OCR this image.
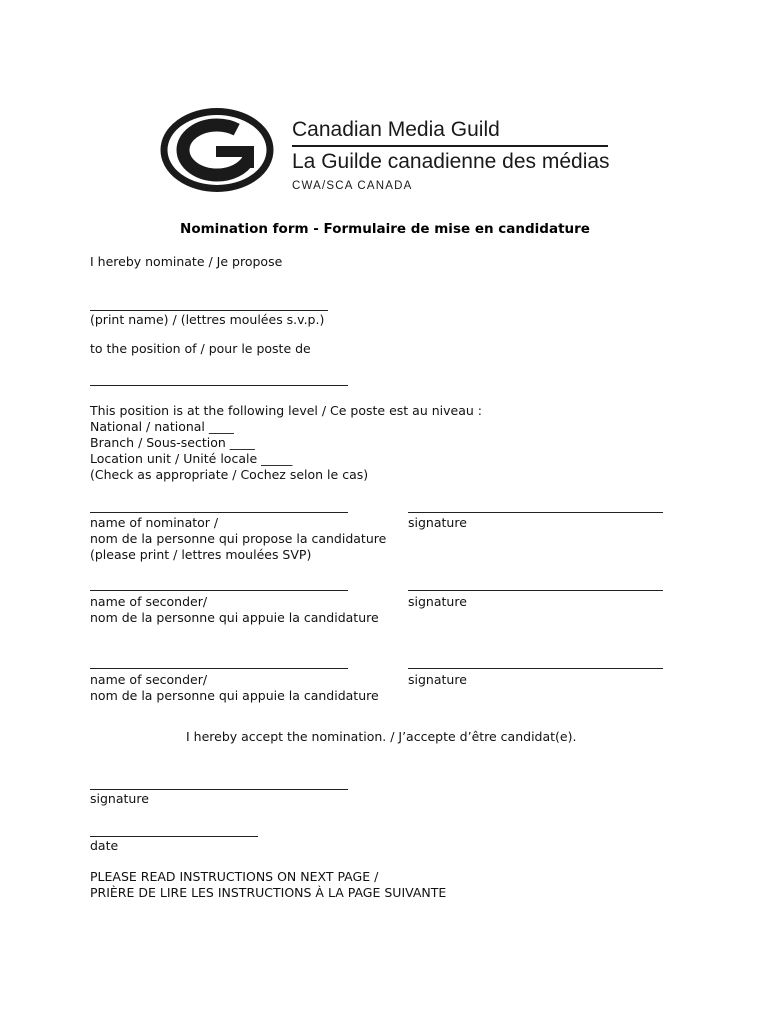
Canadian Media Guild
La Guilde canadienne des médias
CWA/SCA CANADA
Nomination form - Formulaire de mise en candidature
I hereby nominate / Je propose
(print name) / (lettres moulées s.v.p.)
to the position of / pour le poste de
This position is at the following level / Ce poste est au niveau :
National / national ____
Branch / Sous-section ____
Location unit / Unité locale _____
(Check as appropriate / Cochez selon le cas)
name of nominator /
nom de la personne qui propose la candidature
(please print / lettres moulées SVP)
signature
name of seconder/
nom de la personne qui appuie la candidature
signature
name of seconder/
nom de la personne qui appuie la candidature
signature
I hereby accept the nomination. / J’accepte d’être candidat(e).
signature
date
PLEASE READ INSTRUCTIONS ON NEXT PAGE /
PRIÈRE DE LIRE LES INSTRUCTIONS À LA PAGE SUIVANTE
